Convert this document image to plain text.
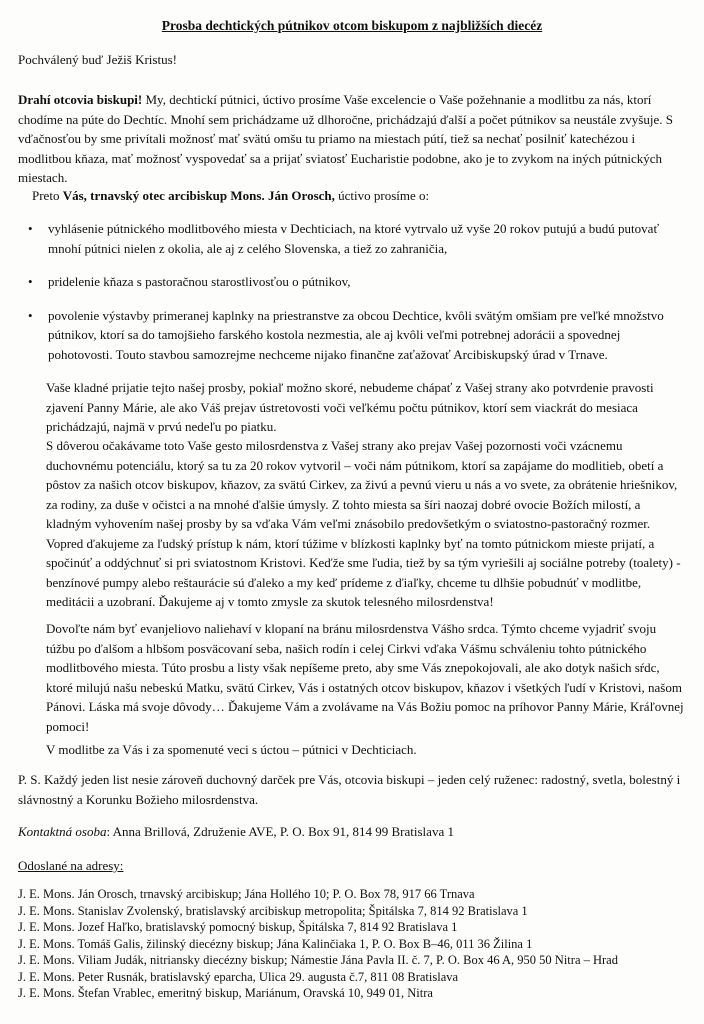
Prosba dechtických pútnikov otcom biskupom z najbližších diecéz
Pochválený buď Ježiš Kristus!
Drahí otcovia biskupi! My, dechtickí pútnici, úctivo prosíme Vaše excelencie o Vaše požehnanie a modlitbu za nás, ktorí chodíme na púte do Dechtíc. Mnohí sem prichádzame už dlhoročne, prichádzajú ďalší a počet pútnikov sa neustále zvyšuje. S vďačnosťou by sme privítali možnosť mať svätú omšu tu priamo na miestach pútí, tiež sa nechať posilniť katechézou i modlitbou kňaza, mať možnosť vyspovedať sa a prijať sviatosť Eucharistie podobne, ako je to zvykom na iných pútnických miestach.
Preto Vás, trnavský otec arcibiskup Mons. Ján Orosch, úctivo prosíme o:
• vyhlásenie pútnického modlitbového miesta v Dechticiach, na ktoré vytrvalo už vyše 20 rokov putujú a budú putovať mnohí pútnici nielen z okolia, ale aj z celého Slovenska, a tiež zo zahraničia,
• pridelenie kňaza s pastoračnou starostlivosťou o pútnikov,
• povolenie výstavby primeranej kaplnky na priestranstve za obcou Dechtice, kvôli svätým omšiam pre veľké množstvo pútnikov, ktorí sa do tamojšieho farského kostola nezmestia, ale aj kvôli veľmi potrebnej adorácii a spovednej pohotovosti. Touto stavbou samozrejme nechceme nijako finančne zaťažovať Arcibiskupský úrad v Trnave.
Vaše kladné prijatie tejto našej prosby, pokiaľ možno skoré, nebudeme chápať z Vašej strany ako potvrdenie pravosti zjavení Panny Márie, ale ako Váš prejav ústretovosti voči veľkému počtu pútnikov, ktorí sem viackrát do mesiaca prichádzajú, najmä v prvú nedeľu po piatku.
S dôverou očakávame toto Vaše gesto milosrdenstva z Vašej strany ako prejav Vašej pozornosti voči vzácnemu duchovnému potenciálu, ktorý sa tu za 20 rokov vytvoril – voči nám pútnikom, ktorí sa zapájame do modlitieb, obetí a pôstov za našich otcov biskupov, kňazov, za svätú Cirkev, za živú a pevnú vieru u nás a vo svete, za obrátenie hriešnikov, za rodiny, za duše v očistci a na mnohé ďalšie úmysly. Z tohto miesta sa šíri naozaj dobré ovocie Božích milostí, a kladným vyhovením našej prosby by sa vďaka Vám veľmi znásobilo predovšetkým o sviatostno-pastoračný rozmer. Vopred ďakujeme za ľudský prístup k nám, ktorí túžime v blízkosti kaplnky byť na tomto pútnickom mieste prijatí, a spočinúť a oddýchnuť si pri sviatostnom Kristovi. Keďže sme ľudia, tiež by sa tým vyriešili aj sociálne potreby (toalety) - benzínové pumpy alebo reštaurácie sú ďaleko a my keď prídeme z ďiaľky, chceme tu dlhšie pobudnúť v modlitbe, meditácii a uzobraní. Ďakujeme aj v tomto zmysle za skutok telesného milosrdenstva!
Dovoľte nám byť evanjeliovo naliehaví v klopaní na bránu milosrdenstva Vášho srdca. Týmto chceme vyjadriť svoju túžbu po ďalšom a hlbšom posväcovaní seba, našich rodín i celej Cirkvi vďaka Vášmu schváleniu tohto pútnického modlitbového miesta. Túto prosbu a listy však nepíšeme preto, aby sme Vás znepokojovali, ale ako dotyk našich sŕdc, ktoré milujú našu nebeskú Matku, svätú Cirkev, Vás i ostatných otcov biskupov, kňazov i všetkých ľudí v Kristovi, našom Pánovi. Láska má svoje dôvody… Ďakujeme Vám a zvolávame na Vás Božiu pomoc na príhovor Panny Márie, Kráľovnej pomoci!
V modlitbe za Vás i za spomenuté veci s úctou – pútnici v Dechticiach.
P. S. Každý jeden list nesie zároveň duchovný darček pre Vás, otcovia biskupi – jeden celý ruženec: radostný, svetla, bolestný i slávnostný a Korunku Božieho milosrdenstva.
Kontaktná osoba: Anna Brillová, Združenie AVE, P. O. Box 91, 814 99 Bratislava 1
Odoslané na adresy:
J. E. Mons. Ján Orosch, trnavský arcibiskup; Jána Hollého 10; P. O. Box 78, 917 66 Trnava
J. E. Mons. Stanislav Zvolenský, bratislavský arcibiskup metropolita; Špitálska 7, 814 92 Bratislava 1
J. E. Mons. Jozef Haľko, bratislavský pomocný biskup, Špitálska 7, 814 92 Bratislava 1
J. E. Mons. Tomáš Galis, žilinský diecézny biskup; Jána Kalinčiaka 1, P. O. Box B–46, 011 36 Žilina 1
J. E. Mons. Viliam Judák, nitriansky diecézny biskup; Námestie Jána Pavla II. č. 7, P. O. Box 46 A, 950 50 Nitra – Hrad
J. E. Mons. Peter Rusnák, bratislavský eparcha, Ulica 29. augusta č.7, 811 08 Bratislava
J. E. Mons. Štefan Vrablec, emeritný biskup, Mariánum, Oravská 10, 949 01, Nitra
